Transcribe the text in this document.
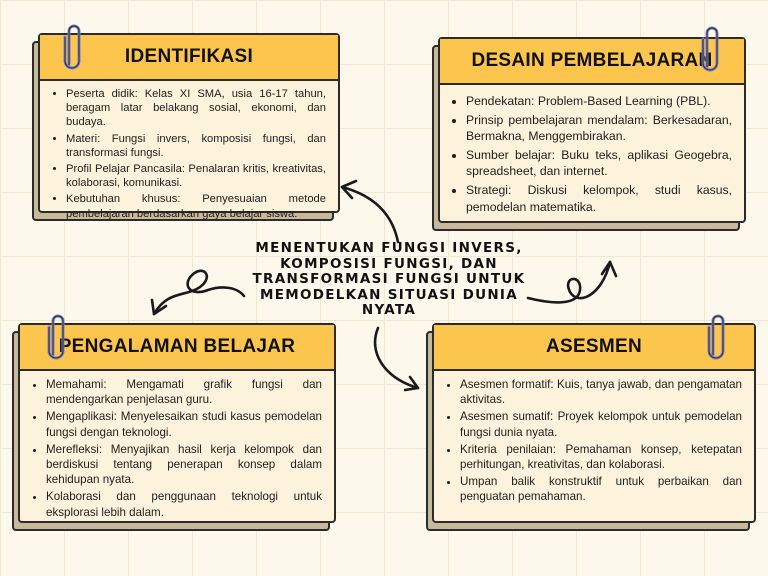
IDENTIFIKASI
• Peserta didik: Kelas XI SMA, usia 16-17 tahun, beragam latar belakang sosial, ekonomi, dan budaya.
• Materi: Fungsi invers, komposisi fungsi, dan transformasi fungsi.
• Profil Pelajar Pancasila: Penalaran kritis, kreativitas, kolaborasi, komunikasi.
• Kebutuhan khusus: Penyesuaian metode pembelajaran berdasarkan gaya belajar siswa.
DESAIN PEMBELAJARAN
• Pendekatan: Problem-Based Learning (PBL).
• Prinsip pembelajaran mendalam: Berkesadaran, Bermakna, Menggembirakan.
• Sumber belajar: Buku teks, aplikasi Geogebra, spreadsheet, dan internet.
• Strategi: Diskusi kelompok, studi kasus, pemodelan matematika.
PENGALAMAN BELAJAR
• Memahami: Mengamati grafik fungsi dan mendengarkan penjelasan guru.
• Mengaplikasi: Menyelesaikan studi kasus pemodelan fungsi dengan teknologi.
• Merefleksi: Menyajikan hasil kerja kelompok dan berdiskusi tentang penerapan konsep dalam kehidupan nyata.
• Kolaborasi dan penggunaan teknologi untuk eksplorasi lebih dalam.
ASESMEN
• Asesmen formatif: Kuis, tanya jawab, dan pengamatan aktivitas.
• Asesmen sumatif: Proyek kelompok untuk pemodelan fungsi dunia nyata.
• Kriteria penilaian: Pemahaman konsep, ketepatan perhitungan, kreativitas, dan kolaborasi.
• Umpan balik konstruktif untuk perbaikan dan penguatan pemahaman.
MENENTUKAN FUNGSI INVERS, KOMPOSISI FUNGSI, DAN TRANSFORMASI FUNGSI UNTUK MEMODELKAN SITUASI DUNIA NYATA
